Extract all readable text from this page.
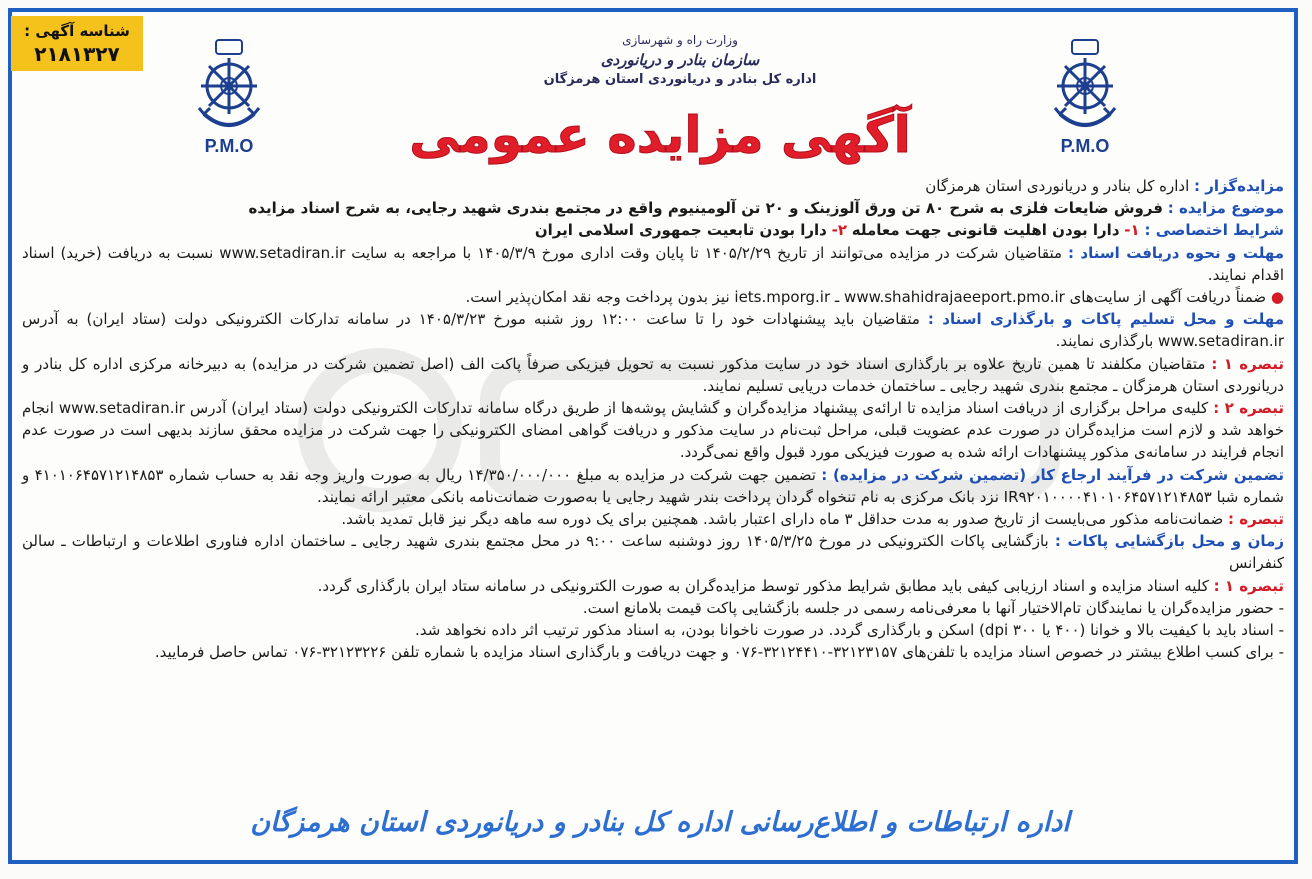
شناسه آگهی :
۲۱۸۱۳۲۷
P.M.O	P.M.O
وزارت راه و شهرسازی
سازمان بنادر و دریانوردی
اداره کل بنادر و دریانوردی استان هرمزگان
آگهی مزایده عمومی

مزایده‌گزار : اداره کل بنادر و دریانوردی استان هرمزگان

موضوع مزایده : فروش ضایعات فلزی به شرح ۸۰ تن ورق آلوزینک و ۲۰ تن آلومینیوم واقع در مجتمع بندری شهید رجایی، به شرح اسناد مزایده

شرایط اختصاصی : ۱- دارا بودن اهلیت قانونی جهت معامله ۲- دارا بودن تابعیت جمهوری اسلامی ایران

مهلت و نحوه دریافت اسناد : متقاضیان شرکت در مزایده می‌توانند از تاریخ ۱۴۰۵/۲/۲۹ تا پایان وقت اداری مورخ ۱۴۰۵/۳/۹ با مراجعه به سایت www.setadiran.ir نسبت به دریافت (خرید) اسناد اقدام نمایند.

● ضمناً دریافت آگهی از سایت‌های www.shahidrajaeeport.pmo.ir ـ iets.mporg.ir نیز بدون پرداخت وجه نقد امکان‌پذیر است.

مهلت و محل تسلیم پاکات و بارگذاری اسناد : متقاضیان باید پیشنهادات خود را تا ساعت ۱۲:۰۰ روز شنبه مورخ ۱۴۰۵/۳/۲۳ در سامانه تدارکات الکترونیکی دولت (ستاد ایران) به آدرس www.setadiran.ir بارگذاری نمایند.

تبصره ۱ : متقاضیان مکلفند تا همین تاریخ علاوه بر بارگذاری اسناد خود در سایت مذکور نسبت به تحویل فیزیکی صرفاً پاکت الف (اصل تضمین شرکت در مزایده) به دبیرخانه مرکزی اداره کل بنادر و دریانوردی استان هرمزگان ـ مجتمع بندری شهید رجایی ـ ساختمان خدمات دریایی تسلیم نمایند.

تبصره ۲ : کلیه‌ی مراحل برگزاری از دریافت اسناد مزایده تا ارائه‌ی پیشنهاد مزایده‌گران و گشایش پوشه‌ها از طریق درگاه سامانه تدارکات الکترونیکی دولت (ستاد ایران) آدرس www.setadiran.ir انجام خواهد شد و لازم است مزایده‌گران در صورت عدم عضویت قبلی، مراحل ثبت‌نام در سایت مذکور و دریافت گواهی امضای الکترونیکی را جهت شرکت در مزایده محقق سازند بدیهی است در صورت عدم انجام فرایند در سامانه‌ی مذکور پیشنهادات ارائه شده به صورت فیزیکی مورد قبول واقع نمی‌گردد.

تضمین شرکت در فرآیند ارجاع کار (تضمین شرکت در مزایده) : تضمین جهت شرکت در مزایده به مبلغ ۱۴/۳۵۰/۰۰۰/۰۰۰ ریال به صورت واریز وجه نقد به حساب شماره ۴۱۰۱۰۶۴۵۷۱۲۱۴۸۵۳ و شماره شبا IR۹۲۰۱۰۰۰۰۴۱۰۱۰۶۴۵۷۱۲۱۴۸۵۳ نزد بانک مرکزی به نام تنخواه گردان پرداخت بندر شهید رجایی یا به‌صورت ضمانت‌نامه بانکی معتبر ارائه نمایند.

تبصره : ضمانت‌نامه مذکور می‌بایست از تاریخ صدور به مدت حداقل ۳ ماه دارای اعتبار باشد. همچنین برای یک دوره سه ماهه دیگر نیز قابل تمدید باشد.

زمان و محل بازگشایی پاکات : بازگشایی پاکات الکترونیکی در مورخ ۱۴۰۵/۳/۲۵ روز دوشنبه ساعت ۹:۰۰ در محل مجتمع بندری شهید رجایی ـ ساختمان اداره فناوری اطلاعات و ارتباطات ـ سالن کنفرانس

تبصره ۱ : کلیه اسناد مزایده و اسناد ارزیابی کیفی باید مطابق شرایط مذکور توسط مزایده‌گران به صورت الکترونیکی در سامانه ستاد ایران بارگذاری گردد.

- حضور مزایده‌گران یا نمایندگان تام‌الاختیار آنها با معرفی‌نامه رسمی در جلسه بازگشایی پاکت قیمت بلامانع است.

- اسناد باید با کیفیت بالا و خوانا (۴۰۰ یا ۳۰۰ dpi) اسکن و بارگذاری گردد. در صورت ناخوانا بودن، به اسناد مذکور ترتیب اثر داده نخواهد شد.

- برای کسب اطلاع بیشتر در خصوص اسناد مزایده با تلفن‌های ۳۲۱۲۳۱۵۷-۳۲۱۲۴۴۱۰-۰۷۶ و جهت دریافت و بارگذاری اسناد مزایده با شماره تلفن ۳۲۱۲۳۲۲۶-۰۷۶ تماس حاصل فرمایید.

اداره ارتباطات و اطلاع‌رسانی اداره کل بنادر و دریانوردی استان هرمزگان
